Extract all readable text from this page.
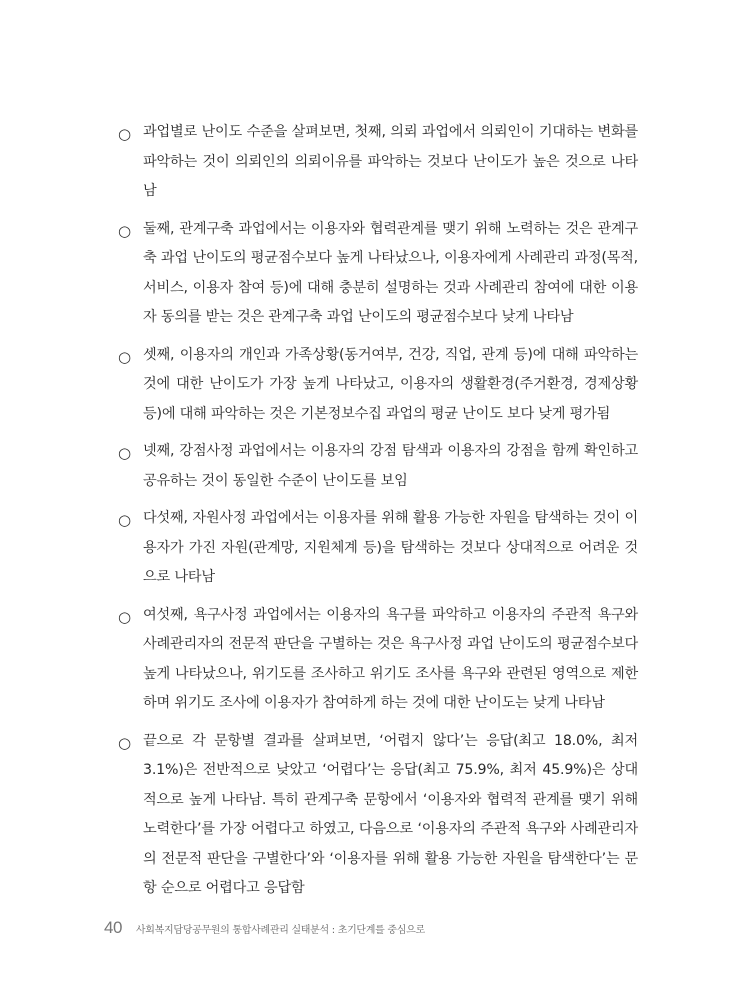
○ 과업별로 난이도 수준을 살펴보면, 첫째, 의뢰 과업에서 의뢰인이 기대하는 변화를 파악하는 것이 의뢰인의 의뢰이유를 파악하는 것보다 난이도가 높은 것으로 나타남
○ 둘째, 관계구축 과업에서는 이용자와 협력관계를 맺기 위해 노력하는 것은 관계구축 과업 난이도의 평균점수보다 높게 나타났으나, 이용자에게 사례관리 과정(목적, 서비스, 이용자 참여 등)에 대해 충분히 설명하는 것과 사례관리 참여에 대한 이용자 동의를 받는 것은 관계구축 과업 난이도의 평균점수보다 낮게 나타남
○ 셋째, 이용자의 개인과 가족상황(동거여부, 건강, 직업, 관계 등)에 대해 파악하는 것에 대한 난이도가 가장 높게 나타났고, 이용자의 생활환경(주거환경, 경제상황 등)에 대해 파악하는 것은 기본정보수집 과업의 평균 난이도 보다 낮게 평가됨
○ 넷째, 강점사정 과업에서는 이용자의 강점 탐색과 이용자의 강점을 함께 확인하고 공유하는 것이 동일한 수준이 난이도를 보임
○ 다섯째, 자원사정 과업에서는 이용자를 위해 활용 가능한 자원을 탐색하는 것이 이용자가 가진 자원(관계망, 지원체계 등)을 탐색하는 것보다 상대적으로 어려운 것으로 나타남
○ 여섯째, 욕구사정 과업에서는 이용자의 욕구를 파악하고 이용자의 주관적 욕구와 사례관리자의 전문적 판단을 구별하는 것은 욕구사정 과업 난이도의 평균점수보다 높게 나타났으나, 위기도를 조사하고 위기도 조사를 욕구와 관련된 영역으로 제한하며 위기도 조사에 이용자가 참여하게 하는 것에 대한 난이도는 낮게 나타남
○ 끝으로 각 문항별 결과를 살펴보면, ‘어렵지 않다’는 응답(최고 18.0%, 최저 3.1%)은 전반적으로 낮았고 ‘어렵다’는 응답(최고 75.9%, 최저 45.9%)은 상대적으로 높게 나타남. 특히 관계구축 문항에서 ‘이용자와 협력적 관계를 맺기 위해 노력한다’를 가장 어렵다고 하였고, 다음으로 ‘이용자의 주관적 욕구와 사례관리자의 전문적 판단을 구별한다’와 ‘이용자를 위해 활용 가능한 자원을 탐색한다’는 문항 순으로 어렵다고 응답함
40 사회복지담당공무원의 통합사례관리 실태분석 : 초기단계를 중심으로
